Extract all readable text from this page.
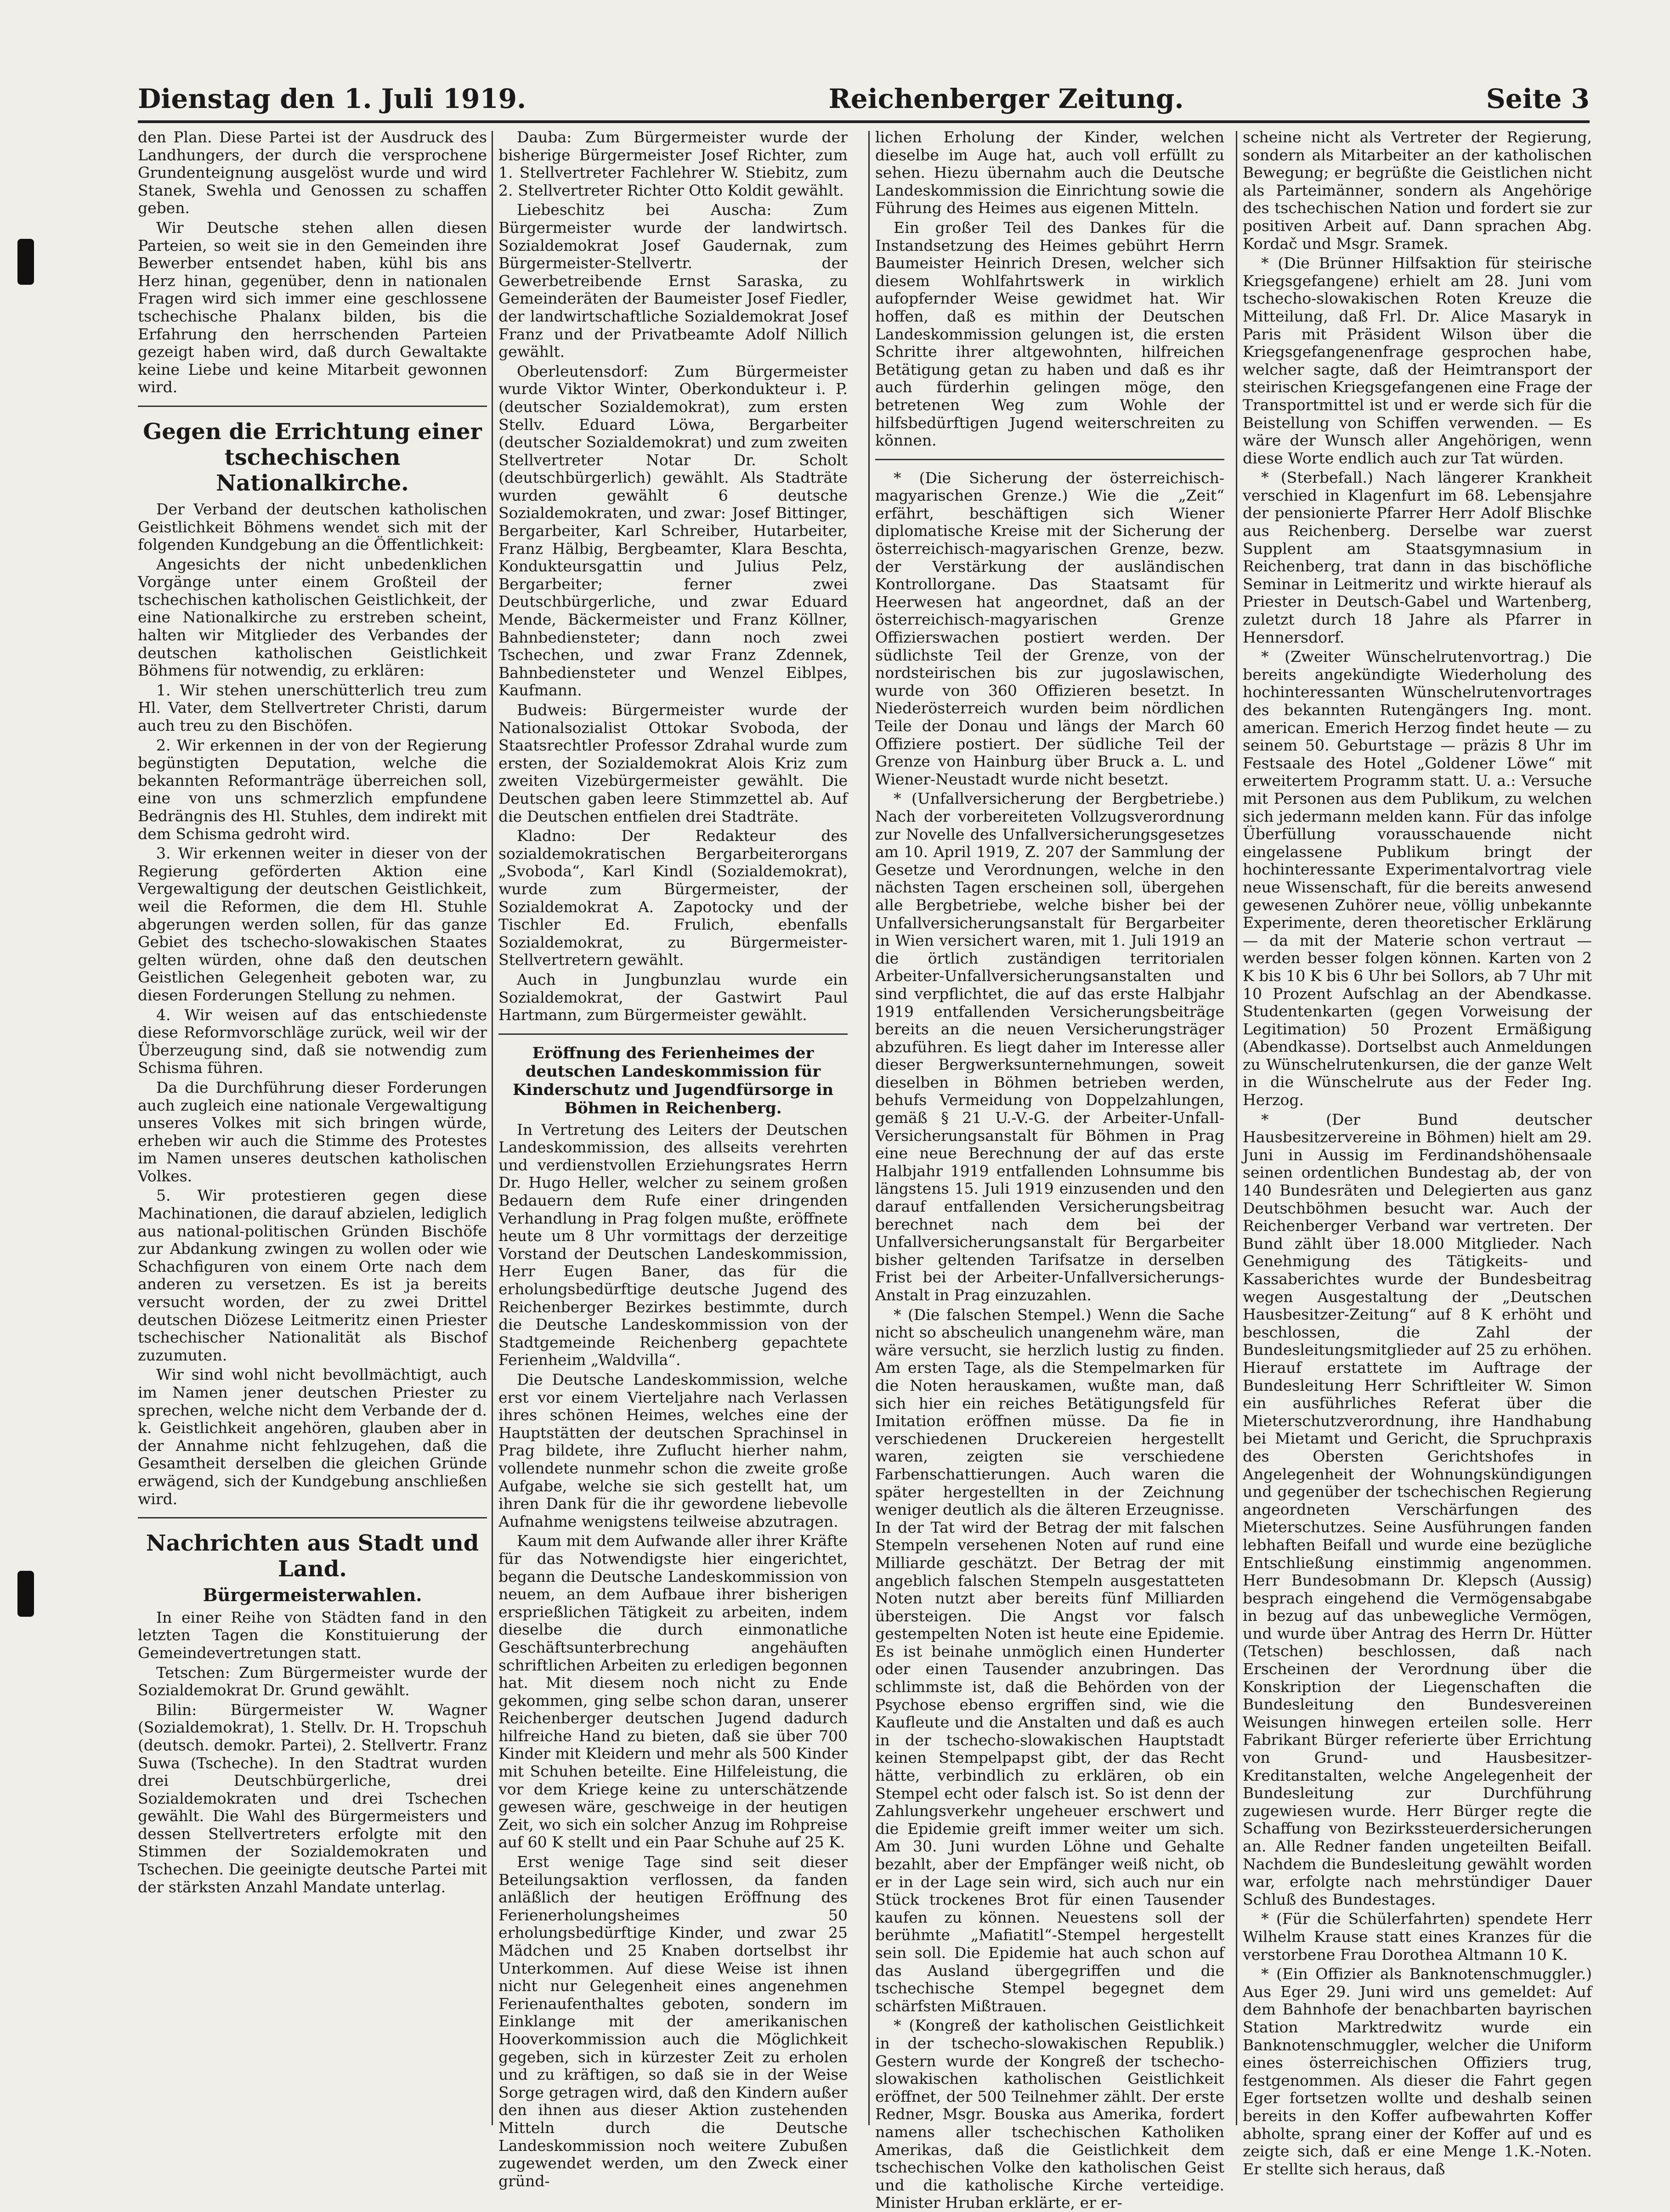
Dienstag den 1. Juli 1919.	Reichenberger Zeitung.	Seite 3

den Plan. Diese Partei ist der Ausdruck des Landhungers, der durch die versprochene Grundenteignung ausgelöst wurde und wird Stanek, Swehla und Genossen zu schaffen geben.

Wir Deutsche stehen allen diesen Parteien, so weit sie in den Gemeinden ihre Bewerber entsendet haben, kühl bis ans Herz hinan, gegenüber, denn in nationalen Fragen wird sich immer eine geschlossene tschechische Phalanx bilden, bis die Erfahrung den herrschenden Parteien gezeigt haben wird, daß durch Gewaltakte keine Liebe und keine Mitarbeit gewonnen wird.

Gegen die Errichtung einer tschechischen Nationalkirche.

Der Verband der deutschen katholischen Geistlichkeit Böhmens wendet sich mit der folgenden Kundgebung an die Öffentlichkeit:

Angesichts der nicht unbedenklichen Vorgänge unter einem Großteil der tschechischen katholischen Geistlichkeit, der eine Nationalkirche zu erstreben scheint, halten wir Mitglieder des Verbandes der deutschen katholischen Geistlichkeit Böhmens für notwendig, zu erklären:

1. Wir stehen unerschütterlich treu zum Hl. Vater, dem Stellvertreter Christi, darum auch treu zu den Bischöfen.

2. Wir erkennen in der von der Regierung begünstigten Deputation, welche die bekannten Reformanträge überreichen soll, eine von uns schmerzlich empfundene Bedrängnis des Hl. Stuhles, dem indirekt mit dem Schisma gedroht wird.

3. Wir erkennen weiter in dieser von der Regierung geförderten Aktion eine Vergewaltigung der deutschen Geistlichkeit, weil die Reformen, die dem Hl. Stuhle abgerungen werden sollen, für das ganze Gebiet des tschecho-slowakischen Staates gelten würden, ohne daß den deutschen Geistlichen Gelegenheit geboten war, zu diesen Forderungen Stellung zu nehmen.

4. Wir weisen auf das entschiedenste diese Reformvorschläge zurück, weil wir der Überzeugung sind, daß sie notwendig zum Schisma führen.

Da die Durchführung dieser Forderungen auch zugleich eine nationale Vergewaltigung unseres Volkes mit sich bringen würde, erheben wir auch die Stimme des Protestes im Namen unseres deutschen katholischen Volkes.

5. Wir protestieren gegen diese Machinationen, die darauf abzielen, lediglich aus national-politischen Gründen Bischöfe zur Abdankung zwingen zu wollen oder wie Schachfiguren von einem Orte nach dem anderen zu versetzen. Es ist ja bereits versucht worden, der zu zwei Drittel deutschen Diözese Leitmeritz einen Priester tschechischer Nationalität als Bischof zuzumuten.

Wir sind wohl nicht bevollmächtigt, auch im Namen jener deutschen Priester zu sprechen, welche nicht dem Verbande der d. k. Geistlichkeit angehören, glauben aber in der Annahme nicht fehlzugehen, daß die Gesamtheit derselben die gleichen Gründe erwägend, sich der Kundgebung anschließen wird.

Nachrichten aus Stadt und Land.
Bürgermeisterwahlen.

In einer Reihe von Städten fand in den letzten Tagen die Konstituierung der Gemeindevertretungen statt.

Tetschen: Zum Bürgermeister wurde der Sozialdemokrat Dr. Grund gewählt.

Bilin: Bürgermeister W. Wagner (Sozialdemokrat), 1. Stellv. Dr. H. Tropschuh (deutsch. demokr. Partei), 2. Stellvertr. Franz Suwa (Tscheche). In den Stadtrat wurden drei Deutschbürgerliche, drei Sozialdemokraten und drei Tschechen gewählt. Die Wahl des Bürgermeisters und dessen Stellvertreters erfolgte mit den Stimmen der Sozialdemokraten und Tschechen. Die geeinigte deutsche Partei mit der stärksten Anzahl Mandate unterlag.

Dauba: Zum Bürgermeister wurde der bisherige Bürgermeister Josef Richter, zum 1. Stellvertreter Fachlehrer W. Stiebitz, zum 2. Stellvertreter Richter Otto Koldit gewählt.

Liebeschitz bei Auscha: Zum Bürgermeister wurde der landwirtsch. Sozialdemokrat Josef Gaudernak, zum Bürgermeister-Stellvertr. der Gewerbetreibende Ernst Saraska, zu Gemeinderäten der Baumeister Josef Fiedler, der landwirtschaftliche Sozialdemokrat Josef Franz und der Privatbeamte Adolf Nillich gewählt.

Oberleutensdorf: Zum Bürgermeister wurde Viktor Winter, Oberkondukteur i. P. (deutscher Sozialdemokrat), zum ersten Stellv. Eduard Löwa, Bergarbeiter (deutscher Sozialdemokrat) und zum zweiten Stellvertreter Notar Dr. Scholt (deutschbürgerlich) gewählt. Als Stadträte wurden gewählt 6 deutsche Sozialdemokraten, und zwar: Josef Bittinger, Bergarbeiter, Karl Schreiber, Hutarbeiter, Franz Hälbig, Bergbeamter, Klara Beschta, Kondukteursgattin und Julius Pelz, Bergarbeiter; ferner zwei Deutschbürgerliche, und zwar Eduard Mende, Bäckermeister und Franz Köllner, Bahnbediensteter; dann noch zwei Tschechen, und zwar Franz Zdennek, Bahnbediensteter und Wenzel Eiblpes, Kaufmann.

Budweis: Bürgermeister wurde der Nationalsozialist Ottokar Svoboda, der Staatsrechtler Professor Zdrahal wurde zum ersten, der Sozialdemokrat Alois Kriz zum zweiten Vizebürgermeister gewählt. Die Deutschen gaben leere Stimmzettel ab. Auf die Deutschen entfielen drei Stadträte.

Kladno: Der Redakteur des sozialdemokratischen Bergarbeiterorgans „Svoboda“, Karl Kindl (Sozialdemokrat), wurde zum Bürgermeister, der Sozialdemokrat A. Zapotocky und der Tischler Ed. Frulich, ebenfalls Sozialdemokrat, zu Bürgermeister-Stellvertretern gewählt.

Auch in Jungbunzlau wurde ein Sozialdemokrat, der Gastwirt Paul Hartmann, zum Bürgermeister gewählt.

Eröffnung des Ferienheimes der deutschen Landeskommission für Kinderschutz und Jugendfürsorge in Böhmen in Reichenberg.

In Vertretung des Leiters der Deutschen Landeskommission, des allseits verehrten und verdienstvollen Erziehungsrates Herrn Dr. Hugo Heller, welcher zu seinem großen Bedauern dem Rufe einer dringenden Verhandlung in Prag folgen mußte, eröffnete heute um 8 Uhr vormittags der derzeitige Vorstand der Deutschen Landeskommission, Herr Eugen Baner, das für die erholungsbedürftige deutsche Jugend des Reichenberger Bezirkes bestimmte, durch die Deutsche Landeskommission von der Stadtgemeinde Reichenberg gepachtete Ferienheim „Waldvilla“.

Die Deutsche Landeskommission, welche erst vor einem Vierteljahre nach Verlassen ihres schönen Heimes, welches eine der Hauptstätten der deutschen Sprachinsel in Prag bildete, ihre Zuflucht hierher nahm, vollendete nunmehr schon die zweite große Aufgabe, welche sie sich gestellt hat, um ihren Dank für die ihr gewordene liebevolle Aufnahme wenigstens teilweise abzutragen.

Kaum mit dem Aufwande aller ihrer Kräfte für das Notwendigste hier eingerichtet, begann die Deutsche Landeskommission von neuem, an dem Aufbaue ihrer bisherigen ersprießlichen Tätigkeit zu arbeiten, indem dieselbe die durch einmonatliche Geschäftsunterbrechung angehäuften schriftlichen Arbeiten zu erledigen begonnen hat. Mit diesem noch nicht zu Ende gekommen, ging selbe schon daran, unserer Reichenberger deutschen Jugend dadurch hilfreiche Hand zu bieten, daß sie über 700 Kinder mit Kleidern und mehr als 500 Kinder mit Schuhen beteilte. Eine Hilfeleistung, die vor dem Kriege keine zu unterschätzende gewesen wäre, geschweige in der heutigen Zeit, wo sich ein solcher Anzug im Rohpreise auf 60 K stellt und ein Paar Schuhe auf 25 K.

Erst wenige Tage sind seit dieser Beteilungsaktion verflossen, da fanden anläßlich der heutigen Eröffnung des Ferienerholungsheimes 50 erholungsbedürftige Kinder, und zwar 25 Mädchen und 25 Knaben dortselbst ihr Unterkommen. Auf diese Weise ist ihnen nicht nur Gelegenheit eines angenehmen Ferienaufenthaltes geboten, sondern im Einklange mit der amerikanischen Hooverkommission auch die Möglichkeit gegeben, sich in kürzester Zeit zu erholen und zu kräftigen, so daß sie in der Weise Sorge getragen wird, daß den Kindern außer den ihnen aus dieser Aktion zustehenden Mitteln durch die Deutsche Landeskommission noch weitere Zubußen zugewendet werden, um den Zweck einer gründ-

lichen Erholung der Kinder, welchen dieselbe im Auge hat, auch voll erfüllt zu sehen. Hiezu übernahm auch die Deutsche Landeskommission die Einrichtung sowie die Führung des Heimes aus eigenen Mitteln.

Ein großer Teil des Dankes für die Instandsetzung des Heimes gebührt Herrn Baumeister Heinrich Dresen, welcher sich diesem Wohlfahrtswerk in wirklich aufopfernder Weise gewidmet hat. Wir hoffen, daß es mithin der Deutschen Landeskommission gelungen ist, die ersten Schritte ihrer altgewohnten, hilfreichen Betätigung getan zu haben und daß es ihr auch fürderhin gelingen möge, den betretenen Weg zum Wohle der hilfsbedürftigen Jugend weiterschreiten zu können.

* (Die Sicherung der österreichisch-magyarischen Grenze.) Wie die „Zeit“ erfährt, beschäftigen sich Wiener diplomatische Kreise mit der Sicherung der österreichisch-magyarischen Grenze, bezw. der Verstärkung der ausländischen Kontrollorgane. Das Staatsamt für Heerwesen hat angeordnet, daß an der österreichisch-magyarischen Grenze Offizierswachen postiert werden. Der südlichste Teil der Grenze, von der nordsteirischen bis zur jugoslawischen, wurde von 360 Offizieren besetzt. In Niederösterreich wurden beim nördlichen Teile der Donau und längs der March 60 Offiziere postiert. Der südliche Teil der Grenze von Hainburg über Bruck a. L. und Wiener-Neustadt wurde nicht besetzt.

* (Unfallversicherung der Bergbetriebe.) Nach der vorbereiteten Vollzugsverordnung zur Novelle des Unfallversicherungsgesetzes am 10. April 1919, Z. 207 der Sammlung der Gesetze und Verordnungen, welche in den nächsten Tagen erscheinen soll, übergehen alle Bergbetriebe, welche bisher bei der Unfallversicherungsanstalt für Bergarbeiter in Wien versichert waren, mit 1. Juli 1919 an die örtlich zuständigen territorialen Arbeiter-Unfallversicherungsanstalten und sind verpflichtet, die auf das erste Halbjahr 1919 entfallenden Versicherungsbeiträge bereits an die neuen Versicherungsträger abzuführen. Es liegt daher im Interesse aller dieser Bergwerksunternehmungen, soweit dieselben in Böhmen betrieben werden, behufs Vermeidung von Doppelzahlungen, gemäß § 21 U.-V.-G. der Arbeiter-Unfall-Versicherungsanstalt für Böhmen in Prag eine neue Berechnung der auf das erste Halbjahr 1919 entfallenden Lohnsumme bis längstens 15. Juli 1919 einzusenden und den darauf entfallenden Versicherungsbeitrag berechnet nach dem bei der Unfallversicherungsanstalt für Bergarbeiter bisher geltenden Tarifsatze in derselben Frist bei der Arbeiter-Unfallversicherungs-Anstalt in Prag einzuzahlen.

* (Die falschen Stempel.) Wenn die Sache nicht so abscheulich unangenehm wäre, man wäre versucht, sie herzlich lustig zu finden. Am ersten Tage, als die Stempelmarken für die Noten herauskamen, wußte man, daß sich hier ein reiches Betätigungsfeld für Imitation eröffnen müsse. Da fie in verschiedenen Druckereien hergestellt waren, zeigten sie verschiedene Farbenschattierungen. Auch waren die später hergestellten in der Zeichnung weniger deutlich als die älteren Erzeugnisse. In der Tat wird der Betrag der mit falschen Stempeln versehenen Noten auf rund eine Milliarde geschätzt. Der Betrag der mit angeblich falschen Stempeln ausgestatteten Noten nutzt aber bereits fünf Milliarden übersteigen. Die Angst vor falsch gestempelten Noten ist heute eine Epidemie. Es ist beinahe unmöglich einen Hunderter oder einen Tausender anzubringen. Das schlimmste ist, daß die Behörden von der Psychose ebenso ergriffen sind, wie die Kaufleute und die Anstalten und daß es auch in der tschecho-slowakischen Hauptstadt keinen Stempelpapst gibt, der das Recht hätte, verbindlich zu erklären, ob ein Stempel echt oder falsch ist. So ist denn der Zahlungsverkehr ungeheuer erschwert und die Epidemie greift immer weiter um sich. Am 30. Juni wurden Löhne und Gehalte bezahlt, aber der Empfänger weiß nicht, ob er in der Lage sein wird, sich auch nur ein Stück trockenes Brot für einen Tausender kaufen zu können. Neuestens soll der berühmte „Mafiatitl“-Stempel hergestellt sein soll. Die Epidemie hat auch schon auf das Ausland übergegriffen und die tschechische Stempel begegnet dem schärfsten Mißtrauen.

* (Kongreß der katholischen Geistlichkeit in der tschecho-slowakischen Republik.) Gestern wurde der Kongreß der tschecho-slowakischen katholischen Geistlichkeit eröffnet, der 500 Teilnehmer zählt. Der erste Redner, Msgr. Bouska aus Amerika, fordert namens aller tschechischen Katholiken Amerikas, daß die Geistlichkeit dem tschechischen Volke den katholischen Geist und die katholische Kirche verteidige. Minister Hruban erklärte, er er-

scheine nicht als Vertreter der Regierung, sondern als Mitarbeiter an der katholischen Bewegung; er begrüßte die Geistlichen nicht als Parteimänner, sondern als Angehörige des tschechischen Nation und fordert sie zur positiven Arbeit auf. Dann sprachen Abg. Kordač und Msgr. Sramek.

* (Die Brünner Hilfsaktion für steirische Kriegsgefangene) erhielt am 28. Juni vom tschecho-slowakischen Roten Kreuze die Mitteilung, daß Frl. Dr. Alice Masaryk in Paris mit Präsident Wilson über die Kriegsgefangenenfrage gesprochen habe, welcher sagte, daß der Heimtransport der steirischen Kriegsgefangenen eine Frage der Transportmittel ist und er werde sich für die Beistellung von Schiffen verwenden. — Es wäre der Wunsch aller Angehörigen, wenn diese Worte endlich auch zur Tat würden.

* (Sterbefall.) Nach längerer Krankheit verschied in Klagenfurt im 68. Lebensjahre der pensionierte Pfarrer Herr Adolf Blischke aus Reichenberg. Derselbe war zuerst Supplent am Staatsgymnasium in Reichenberg, trat dann in das bischöfliche Seminar in Leitmeritz und wirkte hierauf als Priester in Deutsch-Gabel und Wartenberg, zuletzt durch 18 Jahre als Pfarrer in Hennersdorf.

* (Zweiter Wünschelrutenvortrag.) Die bereits angekündigte Wiederholung des hochinteressanten Wünschelrutenvortrages des bekannten Rutengängers Ing. mont. american. Emerich Herzog findet heute — zu seinem 50. Geburtstage — präzis 8 Uhr im Festsaale des Hotel „Goldener Löwe“ mit erweitertem Programm statt. U. a.: Versuche mit Personen aus dem Publikum, zu welchen sich jedermann melden kann. Für das infolge Überfüllung vorausschauende nicht eingelassene Publikum bringt der hochinteressante Experimentalvortrag viele neue Wissenschaft, für die bereits anwesend gewesenen Zuhörer neue, völlig unbekannte Experimente, deren theoretischer Erklärung — da mit der Materie schon vertraut — werden besser folgen können. Karten von 2 K bis 10 K bis 6 Uhr bei Sollors, ab 7 Uhr mit 10 Prozent Aufschlag an der Abendkasse. Studentenkarten (gegen Vorweisung der Legitimation) 50 Prozent Ermäßigung (Abendkasse). Dortselbst auch Anmeldungen zu Wünschelrutenkursen, die der ganze Welt in die Wünschelrute aus der Feder Ing. Herzog.

* (Der Bund deutscher Hausbesitzervereine in Böhmen) hielt am 29. Juni in Aussig im Ferdinandshöhensaale seinen ordentlichen Bundestag ab, der von 140 Bundesräten und Delegierten aus ganz Deutschböhmen besucht war. Auch der Reichenberger Verband war vertreten. Der Bund zählt über 18.000 Mitglieder. Nach Genehmigung des Tätigkeits- und Kassaberichtes wurde der Bundesbeitrag wegen Ausgestaltung der „Deutschen Hausbesitzer-Zeitung“ auf 8 K erhöht und beschlossen, die Zahl der Bundesleitungsmitglieder auf 25 zu erhöhen. Hierauf erstattete im Auftrage der Bundesleitung Herr Schriftleiter W. Simon ein ausführliches Referat über die Mieterschutzverordnung, ihre Handhabung bei Mietamt und Gericht, die Spruchpraxis des Obersten Gerichtshofes in Angelegenheit der Wohnungskündigungen und gegenüber der tschechischen Regierung angeordneten Verschärfungen des Mieterschutzes. Seine Ausführungen fanden lebhaften Beifall und wurde eine bezügliche Entschließung einstimmig angenommen. Herr Bundesobmann Dr. Klepsch (Aussig) besprach eingehend die Vermögensabgabe in bezug auf das unbewegliche Vermögen, und wurde über Antrag des Herrn Dr. Hütter (Tetschen) beschlossen, daß nach Erscheinen der Verordnung über die Konskription der Liegenschaften die Bundesleitung den Bundesvereinen Weisungen hinwegen erteilen solle. Herr Fabrikant Bürger referierte über Errichtung von Grund- und Hausbesitzer-Kreditanstalten, welche Angelegenheit der Bundesleitung zur Durchführung zugewiesen wurde. Herr Bürger regte die Schaffung von Bezirkssteuerdersicherungen an. Alle Redner fanden ungeteilten Beifall. Nachdem die Bundesleitung gewählt worden war, erfolgte nach mehrstündiger Dauer Schluß des Bundestages.

* (Für die Schülerfahrten) spendete Herr Wilhelm Krause statt eines Kranzes für die verstorbene Frau Dorothea Altmann 10 K.

* (Ein Offizier als Banknotenschmuggler.) Aus Eger 29. Juni wird uns gemeldet: Auf dem Bahnhofe der benachbarten bayrischen Station Marktredwitz wurde ein Banknotenschmuggler, welcher die Uniform eines österreichischen Offiziers trug, festgenommen. Als dieser die Fahrt gegen Eger fortsetzen wollte und deshalb seinen bereits in den Koffer aufbewahrten Koffer abholte, sprang einer der Koffer auf und es zeigte sich, daß er eine Menge 1.K.-Noten. Er stellte sich heraus, daß
